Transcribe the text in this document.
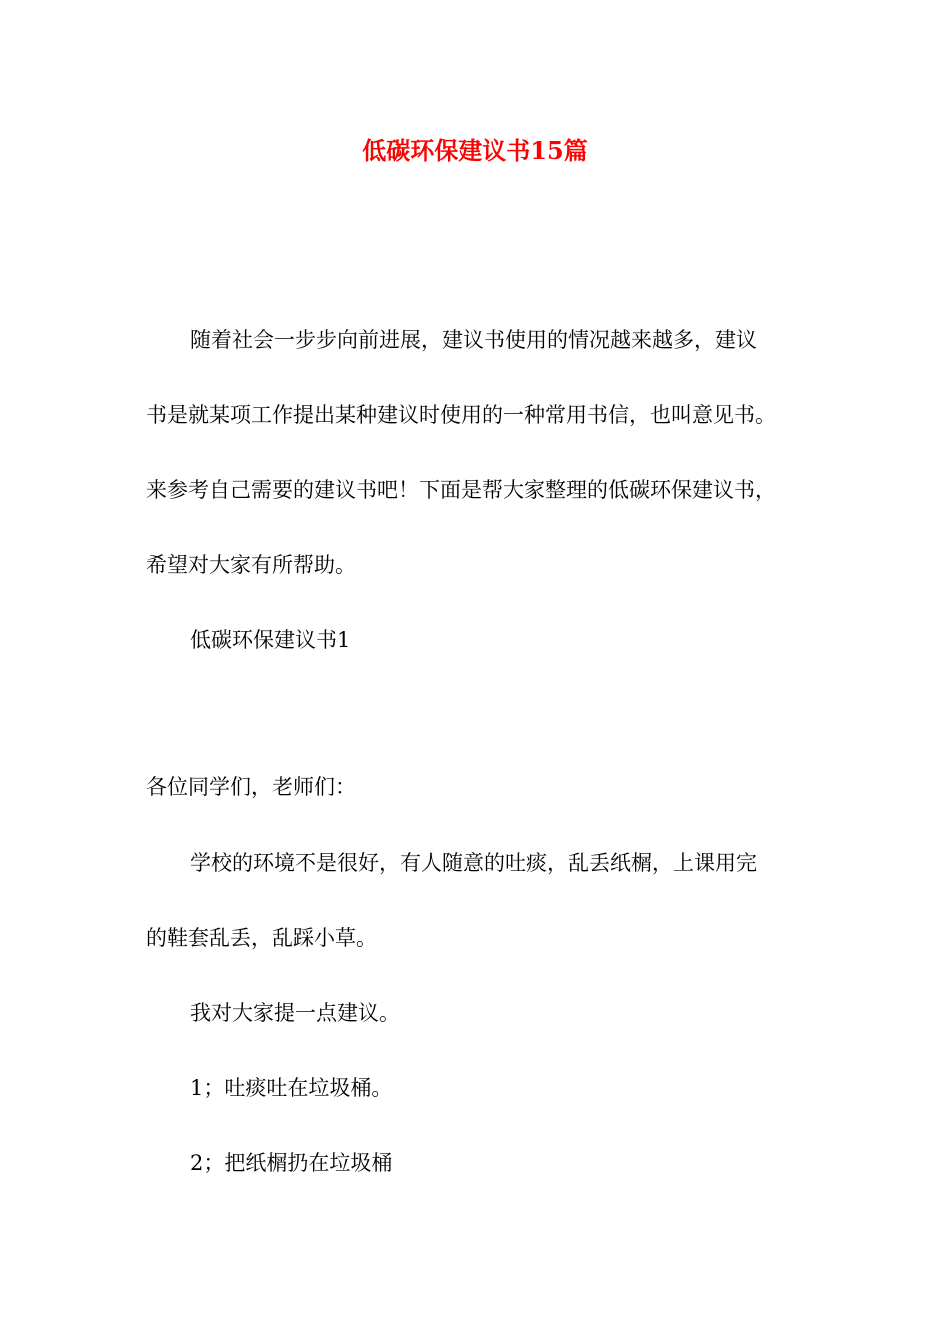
低碳环保建议书15篇
随着社会一步步向前进展，建议书使用的情况越来越多，建议
书是就某项工作提出某种建议时使用的一种常用书信，也叫意见书。
来参考自己需要的建议书吧！下面是帮大家整理的低碳环保建议书，
希望对大家有所帮助。
低碳环保建议书1
各位同学们，老师们：
学校的环境不是很好，有人随意的吐痰，乱丢纸榍，上课用完
的鞋套乱丢，乱踩小草。
我对大家提一点建议。
1；吐痰吐在垃圾桶。
2；把纸榍扔在垃圾桶
